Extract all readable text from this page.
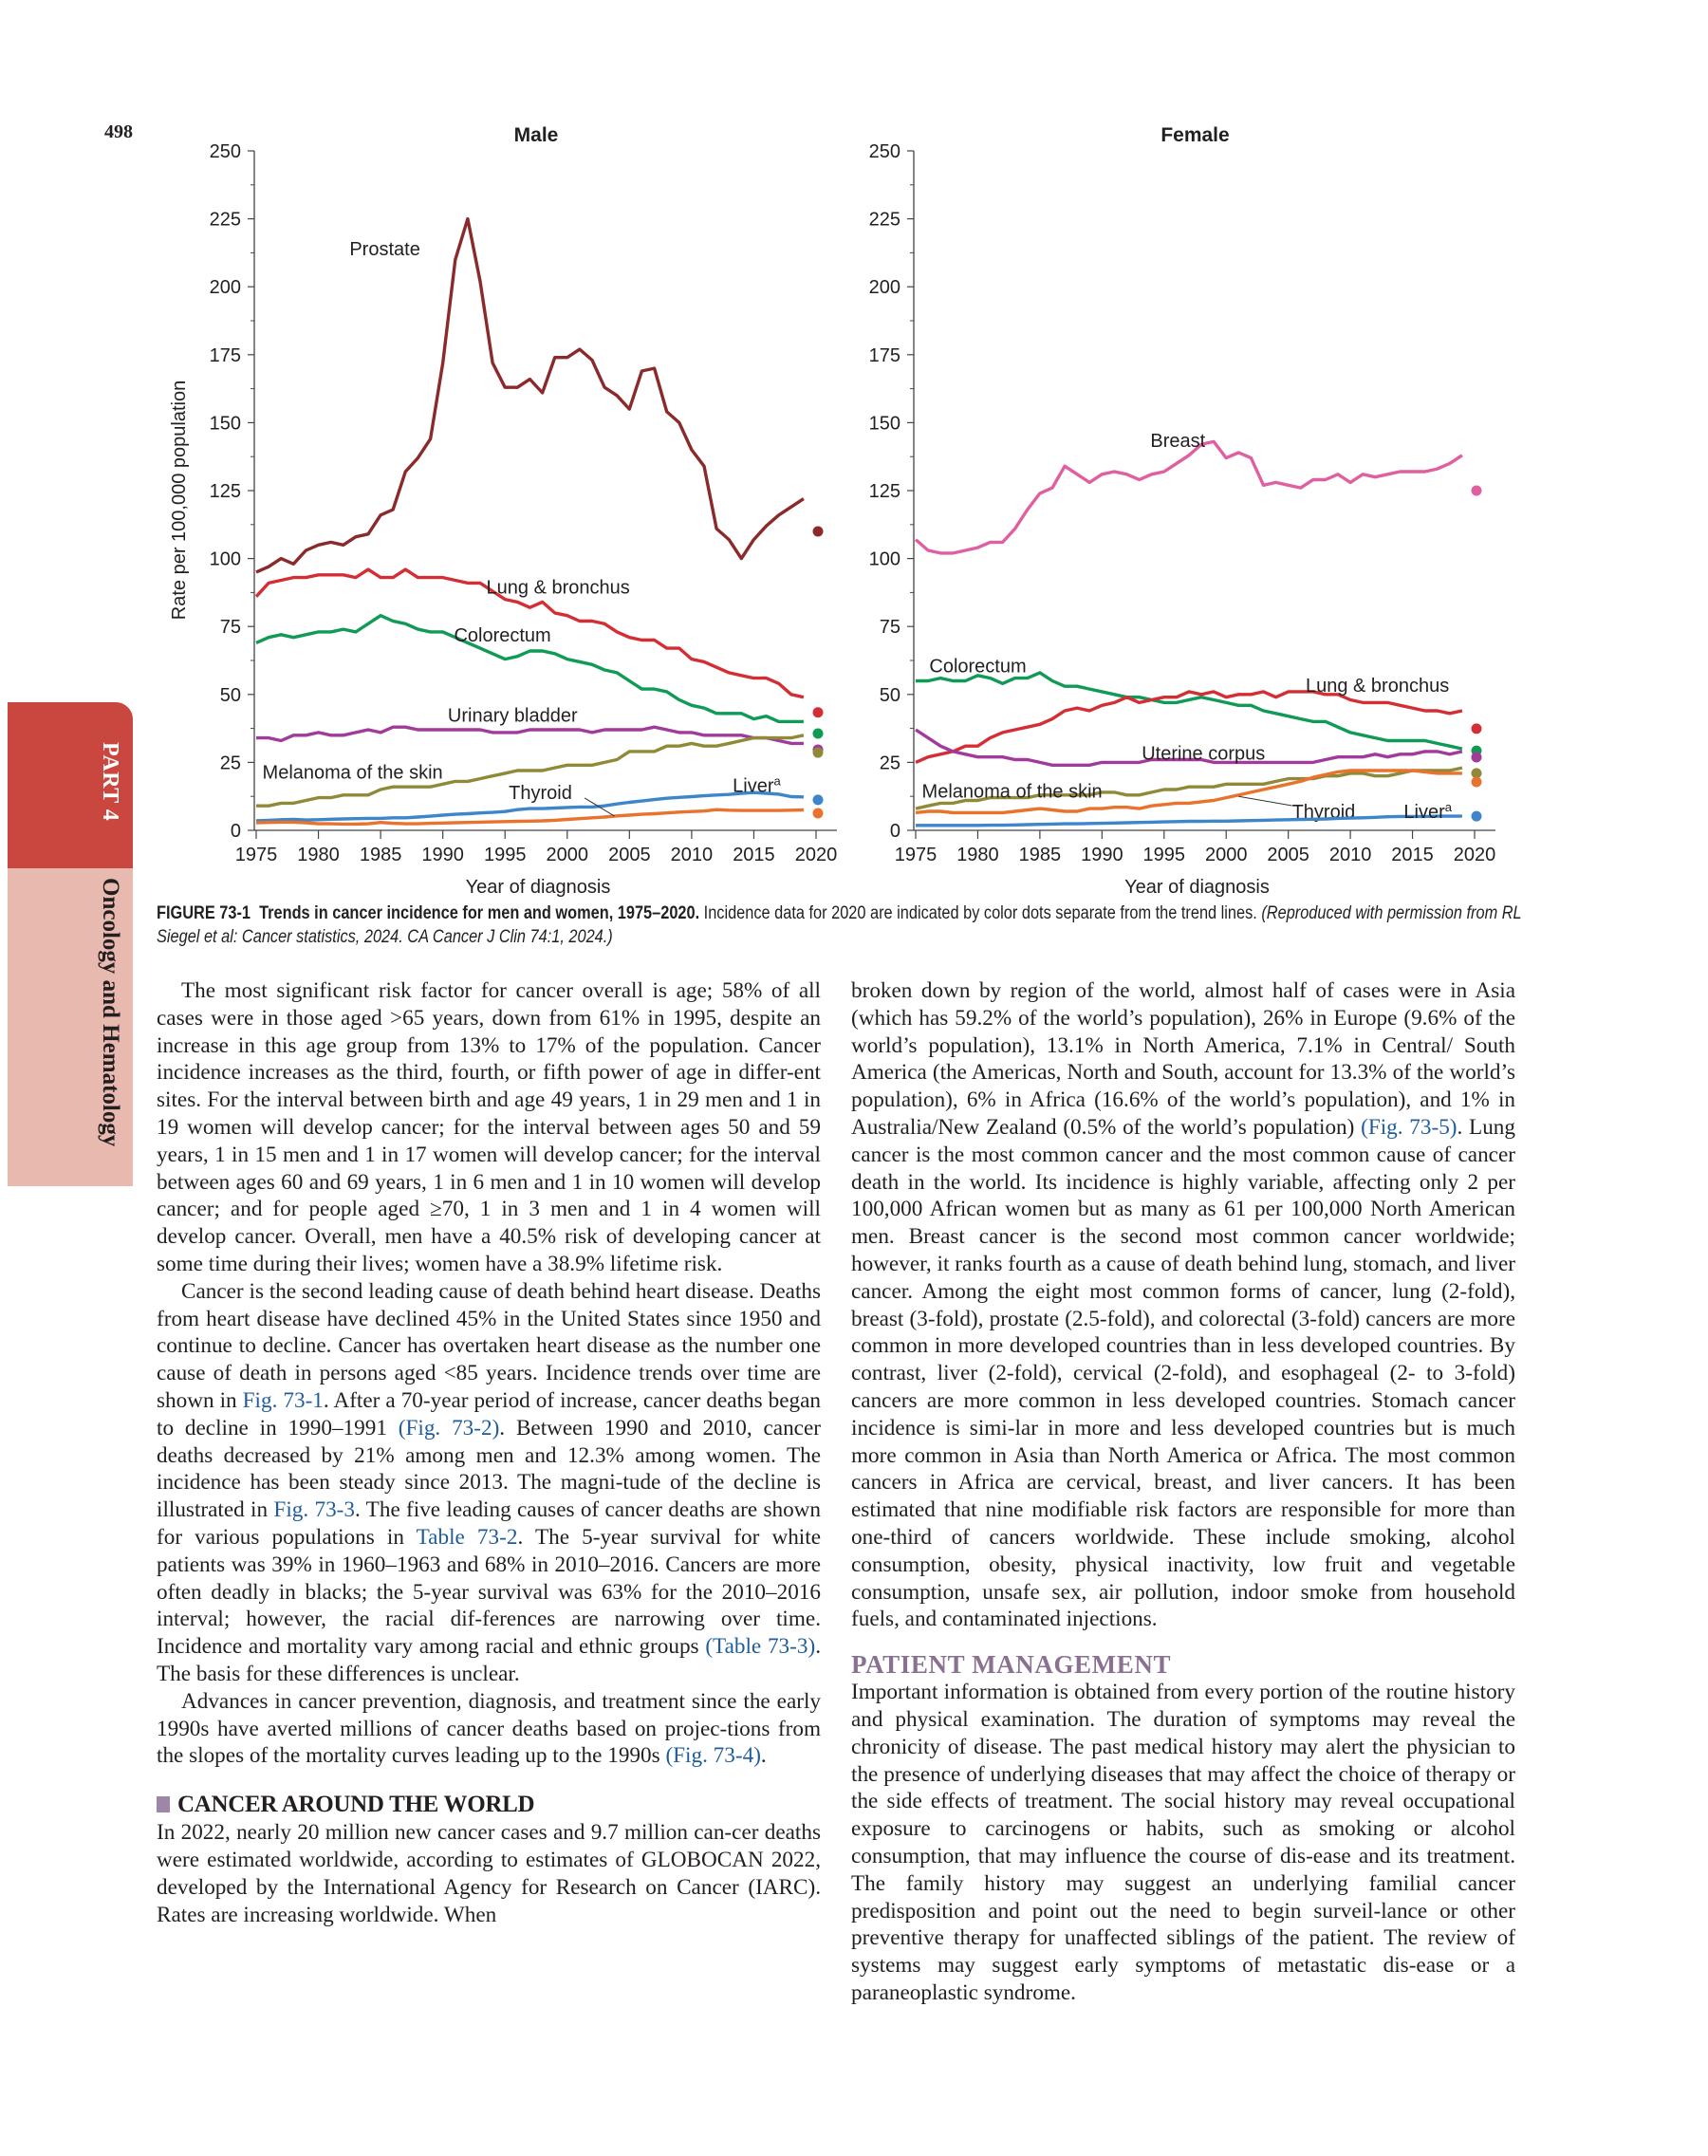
498
PART 4
Oncology and Hematology
Male
0
25
50
75
100
125
150
175
200
225
250
1975 1980 1985 1990 1995 2000 2005 2010 2015 2020
Year of diagnosis
Rate per 100,000 population
Prostate
Lung & bronchus
Colorectum
Urinary bladder
Melanoma of the skin
Liver$^a$
Thyroid
Female
0
25
50
75
100
125
150
175
200
225
250
1975 1980 1985 1990 1995 2000 2005 2010 2015 2020
Year of diagnosis
Breast
Colorectum
Lung & bronchus
Uterine corpus
Melanoma of the skin
Thyroid	Liver$^a$
FIGURE 73-1 Trends in cancer incidence for men and women, 1975–2020. Incidence data for 2020 are indicated by color dots separate from the trend lines. (Reproduced with permission from RL Siegel et al: Cancer statistics, 2024. CA Cancer J Clin 74:1, 2024.)

The most significant risk factor for cancer overall is age; 58% of all cases were in those aged >65 years, down from 61% in 1995, despite an increase in this age group from 13% to 17% of the population. Cancer incidence increases as the third, fourth, or fifth power of age in differ-ent sites. For the interval between birth and age 49 years, 1 in 29 men and 1 in 19 women will develop cancer; for the interval between ages 50 and 59 years, 1 in 15 men and 1 in 17 women will develop cancer; for the interval between ages 60 and 69 years, 1 in 6 men and 1 in 10 women will develop cancer; and for people aged ≥70, 1 in 3 men and 1 in 4 women will develop cancer. Overall, men have a 40.5% risk of developing cancer at some time during their lives; women have a 38.9% lifetime risk.

Cancer is the second leading cause of death behind heart disease. Deaths from heart disease have declined 45% in the United States since 1950 and continue to decline. Cancer has overtaken heart disease as the number one cause of death in persons aged <85 years. Incidence trends over time are shown in Fig. 73-1. After a 70-year period of increase, cancer deaths began to decline in 1990–1991 (Fig. 73-2). Between 1990 and 2010, cancer deaths decreased by 21% among men and 12.3% among women. The incidence has been steady since 2013. The magni-tude of the decline is illustrated in Fig. 73-3. The five leading causes of cancer deaths are shown for various populations in Table 73-2. The 5-year survival for white patients was 39% in 1960–1963 and 68% in 2010–2016. Cancers are more often deadly in blacks; the 5-year survival was 63% for the 2010–2016 interval; however, the racial dif-ferences are narrowing over time. Incidence and mortality vary among racial and ethnic groups (Table 73-3). The basis for these differences is unclear.

Advances in cancer prevention, diagnosis, and treatment since the early 1990s have averted millions of cancer deaths based on projec-tions from the slopes of the mortality curves leading up to the 1990s (Fig. 73-4).

CANCER AROUND THE WORLD

In 2022, nearly 20 million new cancer cases and 9.7 million can-cer deaths were estimated worldwide, according to estimates of GLOBOCAN 2022, developed by the International Agency for Research on Cancer (IARC). Rates are increasing worldwide. When

broken down by region of the world, almost half of cases were in Asia (which has 59.2% of the world’s population), 26% in Europe (9.6% of the world’s population), 13.1% in North America, 7.1% in Central/ South America (the Americas, North and South, account for 13.3% of the world’s population), 6% in Africa (16.6% of the world’s population), and 1% in Australia/New Zealand (0.5% of the world’s population) (Fig. 73-5). Lung cancer is the most common cancer and the most common cause of cancer death in the world. Its incidence is highly variable, affecting only 2 per 100,000 African women but as many as 61 per 100,000 North American men. Breast cancer is the second most common cancer worldwide; however, it ranks fourth as a cause of death behind lung, stomach, and liver cancer. Among the eight most common forms of cancer, lung (2-fold), breast (3-fold), prostate (2.5-fold), and colorectal (3-fold) cancers are more common in more developed countries than in less developed countries. By contrast, liver (2-fold), cervical (2-fold), and esophageal (2- to 3-fold) cancers are more common in less developed countries. Stomach cancer incidence is simi-lar in more and less developed countries but is much more common in Asia than North America or Africa. The most common cancers in Africa are cervical, breast, and liver cancers. It has been estimated that nine modifiable risk factors are responsible for more than one-third of cancers worldwide. These include smoking, alcohol consumption, obesity, physical inactivity, low fruit and vegetable consumption, unsafe sex, air pollution, indoor smoke from household fuels, and contaminated injections.

PATIENT MANAGEMENT

Important information is obtained from every portion of the routine history and physical examination. The duration of symptoms may reveal the chronicity of disease. The past medical history may alert the physician to the presence of underlying diseases that may affect the choice of therapy or the side effects of treatment. The social history may reveal occupational exposure to carcinogens or habits, such as smoking or alcohol consumption, that may influence the course of dis-ease and its treatment. The family history may suggest an underlying familial cancer predisposition and point out the need to begin surveil-lance or other preventive therapy for unaffected siblings of the patient. The review of systems may suggest early symptoms of metastatic dis-ease or a paraneoplastic syndrome.
